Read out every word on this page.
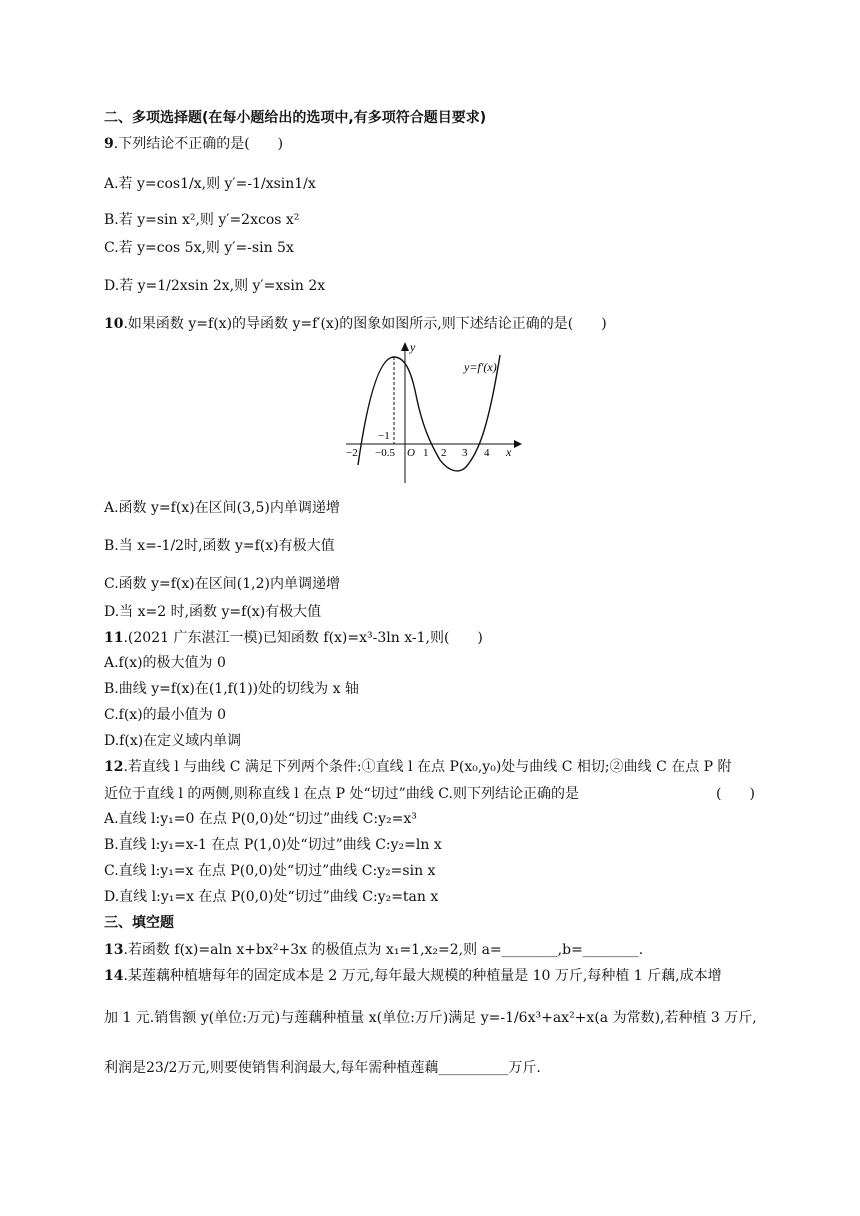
二、多项选择题(在每小题给出的选项中,有多项符合题目要求)
9.下列结论不正确的是(　　)
A.若 y=cos1/x,则 y′=-1/xsin1/x
B.若 y=sin x²,则 y′=2xcos x²
C.若 y=cos 5x,则 y′=-sin 5x
D.若 y=1/2xsin 2x,则 y′=xsin 2x
10.如果函数 y=f(x)的导函数 y=f′(x)的图象如图所示,则下述结论正确的是(　　)
−2
−1
−0.5 O 1 2 3 4 x
y
y=f′(x)
A.函数 y=f(x)在区间(3,5)内单调递增
B.当 x=-1/2时,函数 y=f(x)有极大值
C.函数 y=f(x)在区间(1,2)内单调递增
D.当 x=2 时,函数 y=f(x)有极大值
11.(2021 广东湛江一模)已知函数 f(x)=x³-3ln x-1,则(　　)
A.f(x)的极大值为 0
B.曲线 y=f(x)在(1,f(1))处的切线为 x 轴
C.f(x)的最小值为 0
D.f(x)在定义域内单调
12.若直线 l 与曲线 C 满足下列两个条件:①直线 l 在点 P(x₀,y₀)处与曲线 C 相切;②曲线 C 在点 P 附
近位于直线 l 的两侧,则称直线 l 在点 P 处“切过”曲线 C.则下列结论正确的是	(　　)
A.直线 l:y₁=0 在点 P(0,0)处“切过”曲线 C:y₂=x³
B.直线 l:y₁=x-1 在点 P(1,0)处“切过”曲线 C:y₂=ln x
C.直线 l:y₁=x 在点 P(0,0)处“切过”曲线 C:y₂=sin x
D.直线 l:y₁=x 在点 P(0,0)处“切过”曲线 C:y₂=tan x
三、填空题
13.若函数 f(x)=aln x+bx²+3x 的极值点为 x₁=1,x₂=2,则 a=________,b=________.
14.某莲藕种植塘每年的固定成本是 2 万元,每年最大规模的种植量是 10 万斤,每种植 1 斤藕,成本增
加 1 元.销售额 y(单位:万元)与莲藕种植量 x(单位:万斤)满足 y=-1/6x³+ax²+x(a 为常数),若种植 3 万斤,
利润是23/2万元,则要使销售利润最大,每年需种植莲藕__________万斤.
